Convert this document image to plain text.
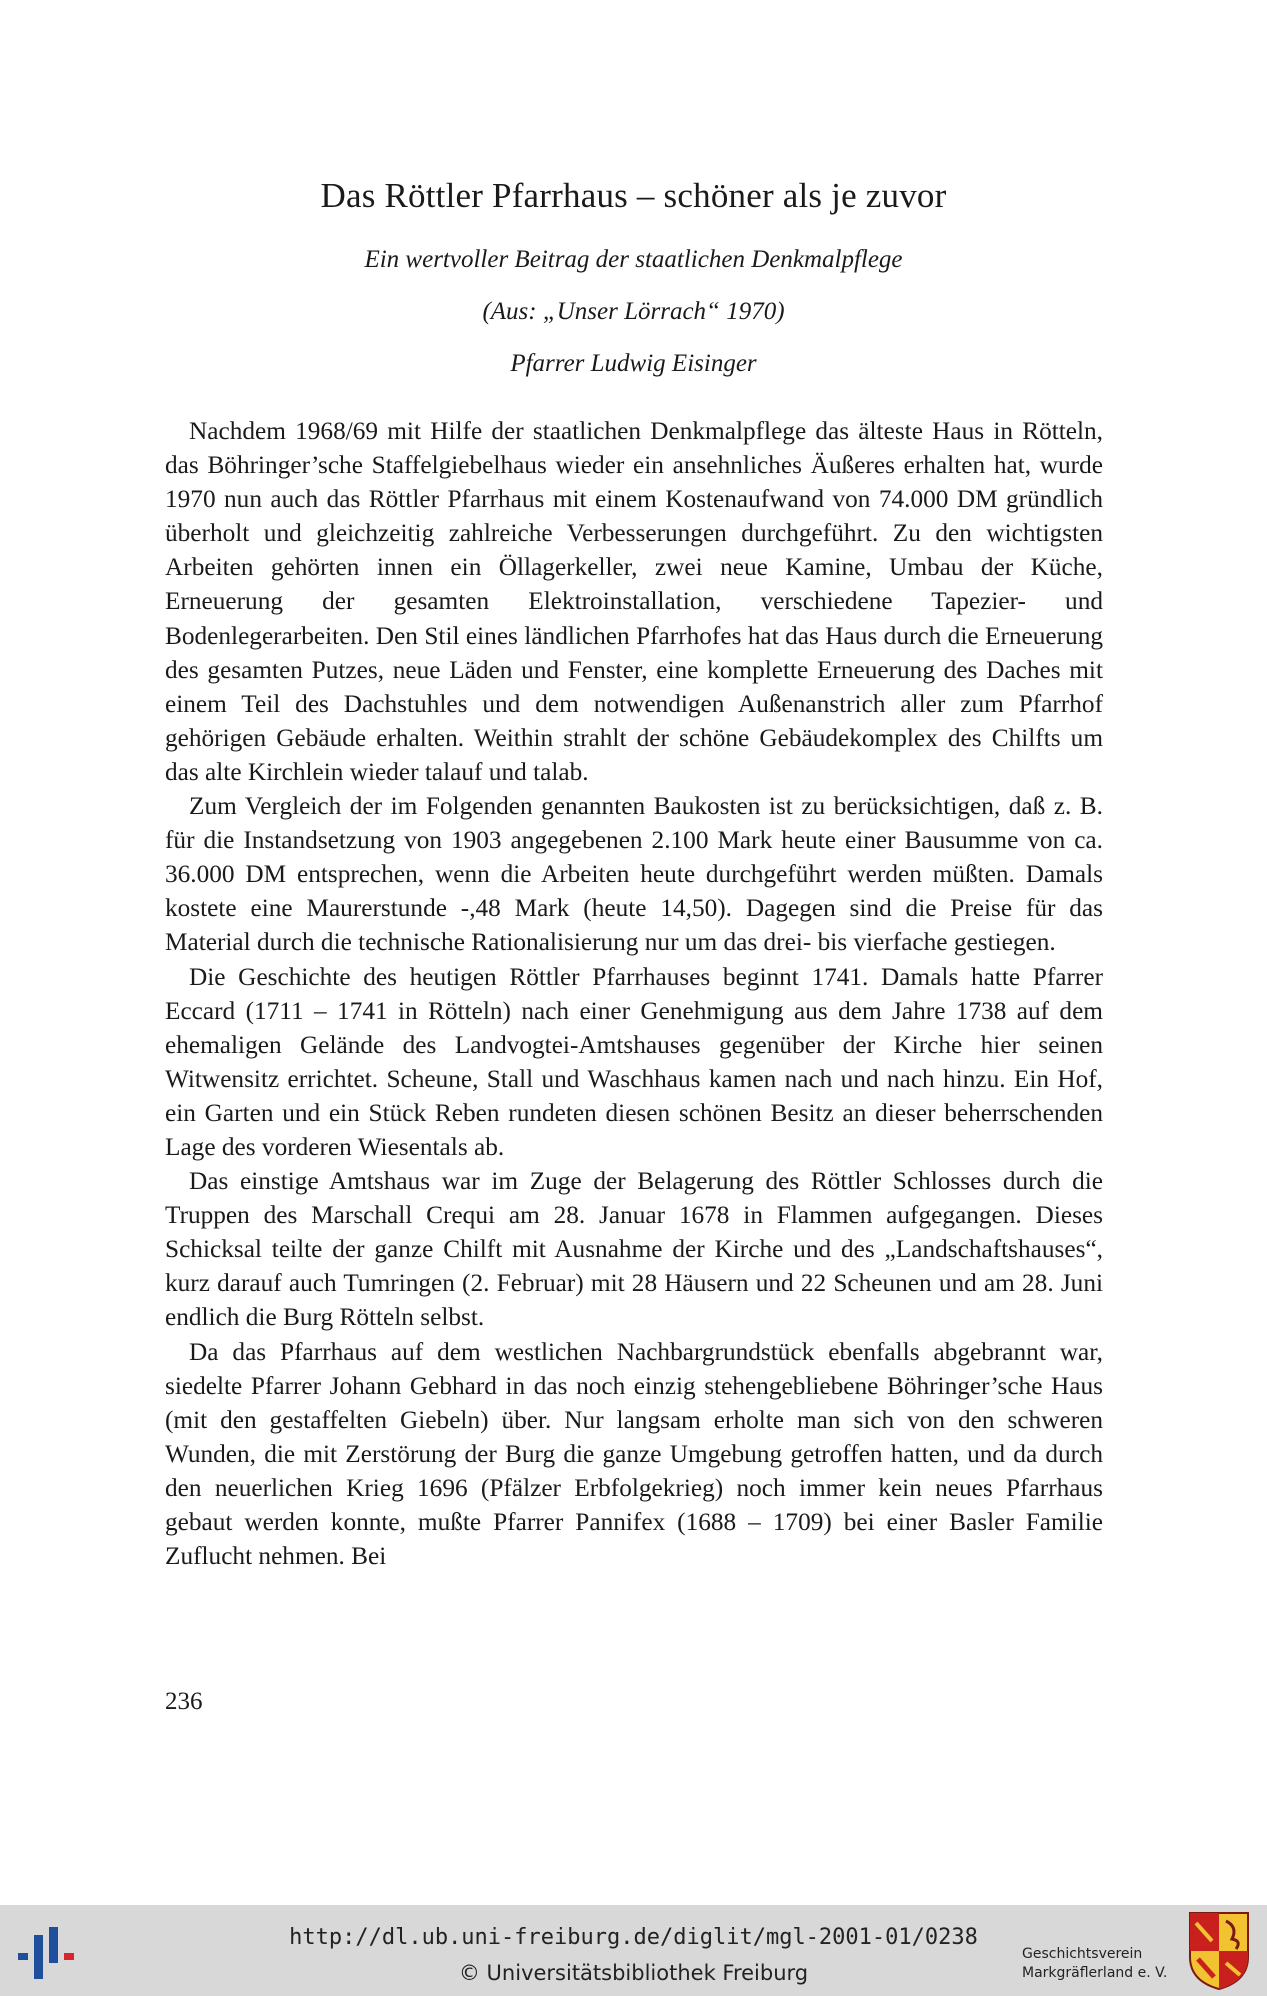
Das Röttler Pfarrhaus – schöner als je zuvor
Ein wertvoller Beitrag der staatlichen Denkmalpflege
(Aus: „Unser Lörrach“ 1970)
Pfarrer Ludwig Eisinger

Nachdem 1968/69 mit Hilfe der staatlichen Denkmalpflege das älteste Haus in Rötteln, das Böhringer’sche Staffelgiebelhaus wieder ein ansehnliches Äußeres erhalten hat, wurde 1970 nun auch das Röttler Pfarrhaus mit einem Kostenaufwand von 74.000 DM gründlich überholt und gleichzeitig zahlreiche Verbesserungen durchgeführt. Zu den wichtigsten Arbeiten gehörten innen ein Öllagerkeller, zwei neue Kamine, Umbau der Küche, Erneuerung der gesamten Elektroinstallation, verschiedene Tapezier- und Bodenlegerarbeiten. Den Stil eines ländlichen Pfarrhofes hat das Haus durch die Erneuerung des gesamten Putzes, neue Läden und Fenster, eine komplette Erneuerung des Daches mit einem Teil des Dachstuhles und dem notwendigen Außenanstrich aller zum Pfarrhof gehörigen Gebäude erhalten. Weithin strahlt der schöne Gebäudekomplex des Chilfts um das alte Kirchlein wieder talauf und talab.

Zum Vergleich der im Folgenden genannten Baukosten ist zu berücksichtigen, daß z. B. für die Instandsetzung von 1903 angegebenen 2.100 Mark heute einer Bausumme von ca. 36.000 DM entsprechen, wenn die Arbeiten heute durchgeführt werden müßten. Damals kostete eine Maurerstunde -,48 Mark (heute 14,50). Dagegen sind die Preise für das Material durch die technische Rationalisierung nur um das drei- bis vierfache gestiegen.

Die Geschichte des heutigen Röttler Pfarrhauses beginnt 1741. Damals hatte Pfarrer Eccard (1711 – 1741 in Rötteln) nach einer Genehmigung aus dem Jahre 1738 auf dem ehemaligen Gelände des Landvogtei-Amtshauses gegenüber der Kirche hier seinen Witwensitz errichtet. Scheune, Stall und Waschhaus kamen nach und nach hinzu. Ein Hof, ein Garten und ein Stück Reben rundeten diesen schönen Besitz an dieser beherrschenden Lage des vorderen Wiesentals ab.

Das einstige Amtshaus war im Zuge der Belagerung des Röttler Schlosses durch die Truppen des Marschall Crequi am 28. Januar 1678 in Flammen aufgegangen. Dieses Schicksal teilte der ganze Chilft mit Ausnahme der Kirche und des „Landschaftshauses“, kurz darauf auch Tumringen (2. Februar) mit 28 Häusern und 22 Scheunen und am 28. Juni endlich die Burg Rötteln selbst.

Da das Pfarrhaus auf dem westlichen Nachbargrundstück ebenfalls abgebrannt war, siedelte Pfarrer Johann Gebhard in das noch einzig stehengebliebene Böhringer’sche Haus (mit den gestaffelten Giebeln) über. Nur langsam erholte man sich von den schweren Wunden, die mit Zerstörung der Burg die ganze Umgebung getroffen hatten, und da durch den neuerlichen Krieg 1696 (Pfälzer Erbfolgekrieg) noch immer kein neues Pfarrhaus gebaut werden konnte, mußte Pfarrer Pannifex (1688 – 1709) bei einer Basler Familie Zuflucht nehmen. Bei

236
http://dl.ub.uni-freiburg.de/diglit/mgl-2001-01/0238
© Universitätsbibliothek Freiburg
Geschichtsverein
Markgräflerland e. V.
